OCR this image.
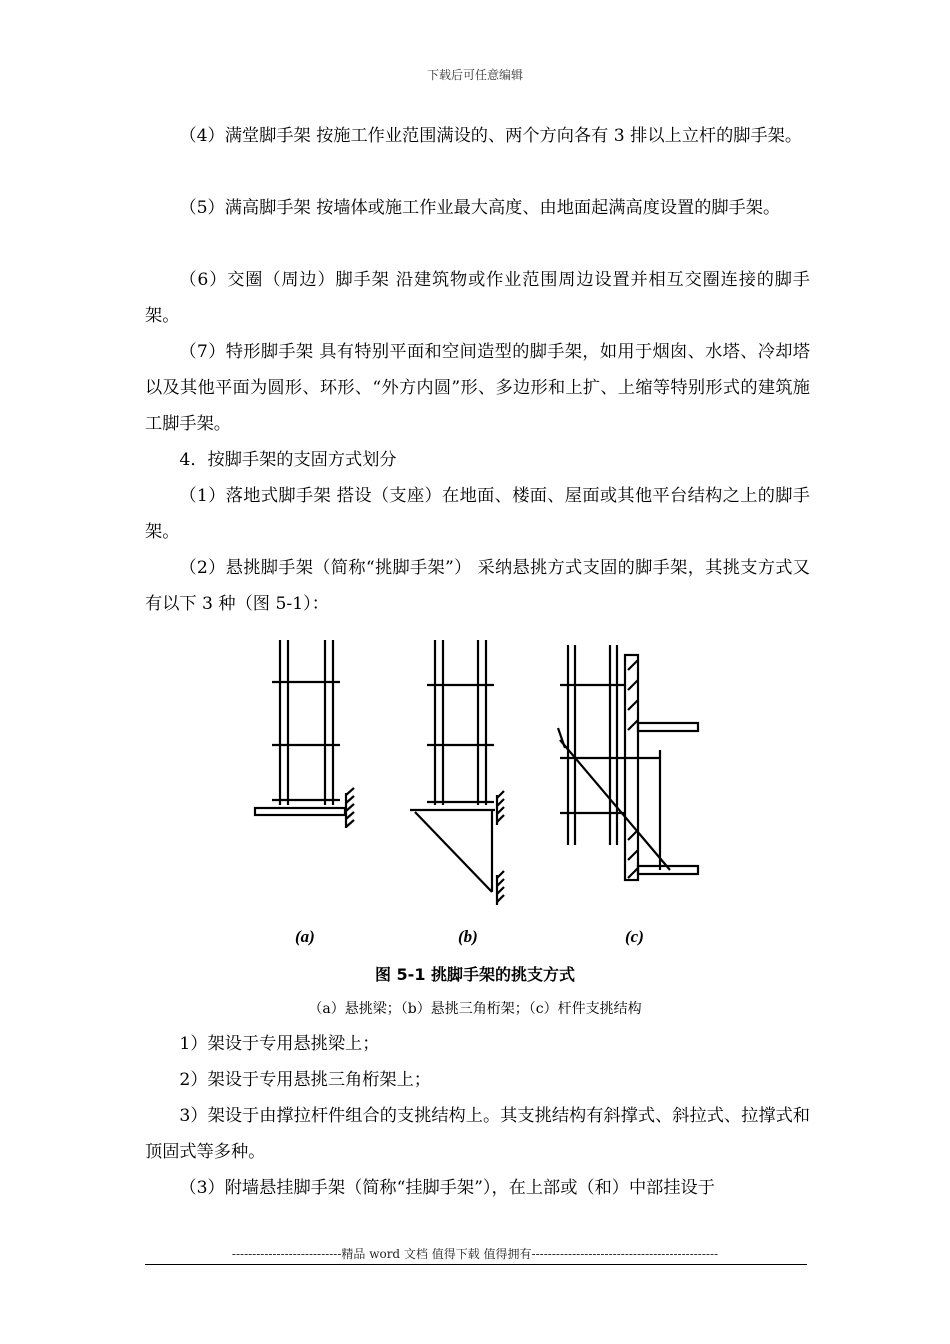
下载后可任意编辑

（4）满堂脚手架 按施工作业范围满设的、两个方向各有 3 排以上立杆的脚手架。

（5）满高脚手架 按墙体或施工作业最大高度、由地面起满高度设置的脚手架。

（6）交圈（周边）脚手架 沿建筑物或作业范围周边设置并相互交圈连接的脚手架。

（7）特形脚手架 具有特别平面和空间造型的脚手架，如用于烟囱、水塔、冷却塔以及其他平面为圆形、环形、“外方内圆”形、多边形和上扩、上缩等特别形式的建筑施工脚手架。

4．按脚手架的支固方式划分

（1）落地式脚手架 搭设（支座）在地面、楼面、屋面或其他平台结构之上的脚手架。

（2）悬挑脚手架（简称“挑脚手架”） 采纳悬挑方式支固的脚手架，其挑支方式又有以下 3 种（图 5-1）：

(a)	(b)	(c)
图 5-1 挑脚手架的挑支方式
（a）悬挑梁；（b）悬挑三角桁架；（c）杆件支挑结构

1）架设于专用悬挑梁上；

2）架设于专用悬挑三角桁架上；

3）架设于由撑拉杆件组合的支挑结构上。其支挑结构有斜撑式、斜拉式、拉撑式和顶固式等多种。

（3）附墙悬挂脚手架（简称“挂脚手架”），在上部或（和）中部挂设于

---------------------------精品 word 文档 值得下载 值得拥有----------------------------------------------
